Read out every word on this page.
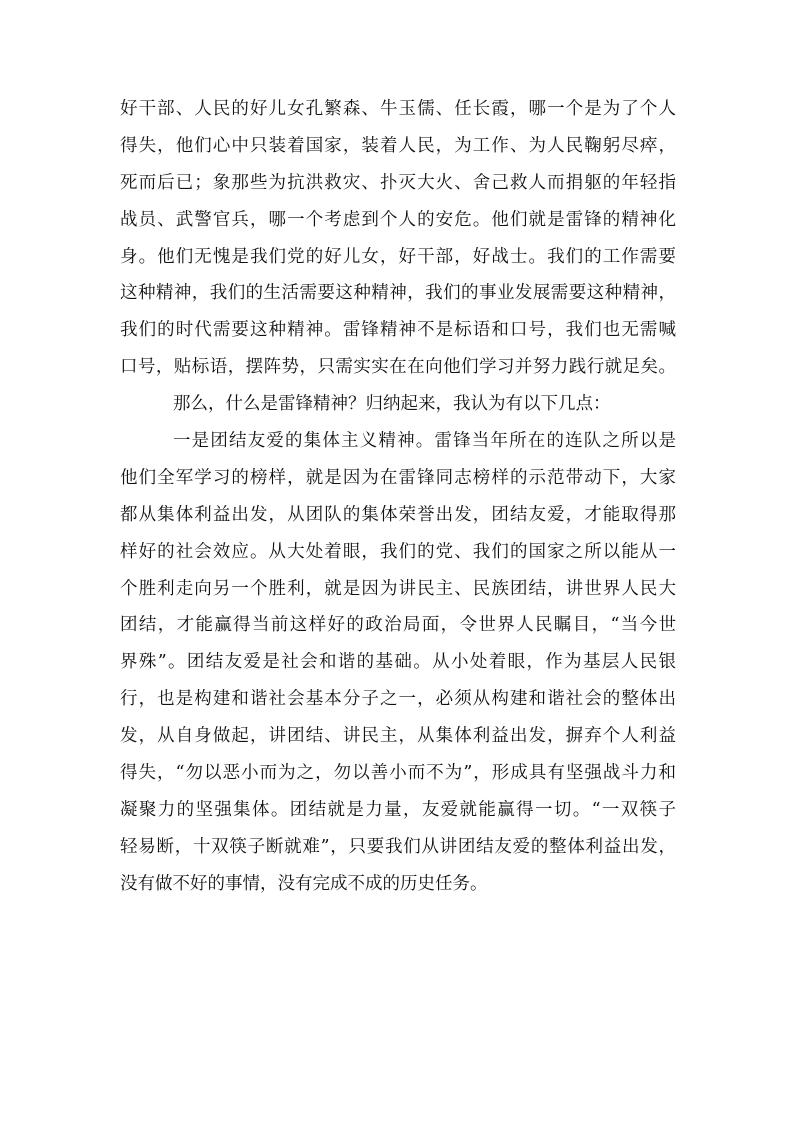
好干部、人民的好儿女孔繁森、牛玉儒、任长霞，哪一个是为了个人
得失，他们心中只装着国家，装着人民，为工作、为人民鞠躬尽瘁，
死而后已；象那些为抗洪救灾、扑灭大火、舍己救人而捐躯的年轻指
战员、武警官兵，哪一个考虑到个人的安危。他们就是雷锋的精神化
身。他们无愧是我们党的好儿女，好干部，好战士。我们的工作需要
这种精神，我们的生活需要这种精神，我们的事业发展需要这种精神，
我们的时代需要这种精神。雷锋精神不是标语和口号，我们也无需喊
口号，贴标语，摆阵势，只需实实在在向他们学习并努力践行就足矣。
那么，什么是雷锋精神？归纳起来，我认为有以下几点：
一是团结友爱的集体主义精神。雷锋当年所在的连队之所以是
他们全军学习的榜样，就是因为在雷锋同志榜样的示范带动下，大家
都从集体利益出发，从团队的集体荣誉出发，团结友爱，才能取得那
样好的社会效应。从大处着眼，我们的党、我们的国家之所以能从一
个胜利走向另一个胜利，就是因为讲民主、民族团结，讲世界人民大
团结，才能赢得当前这样好的政治局面，令世界人民瞩目，“当今世
界殊”。团结友爱是社会和谐的基础。从小处着眼，作为基层人民银
行，也是构建和谐社会基本分子之一，必须从构建和谐社会的整体出
发，从自身做起，讲团结、讲民主，从集体利益出发，摒弃个人利益
得失，“勿以恶小而为之，勿以善小而不为”，形成具有坚强战斗力和
凝聚力的坚强集体。团结就是力量，友爱就能赢得一切。“一双筷子
轻易断，十双筷子断就难”，只要我们从讲团结友爱的整体利益出发，
没有做不好的事情，没有完成不成的历史任务。
